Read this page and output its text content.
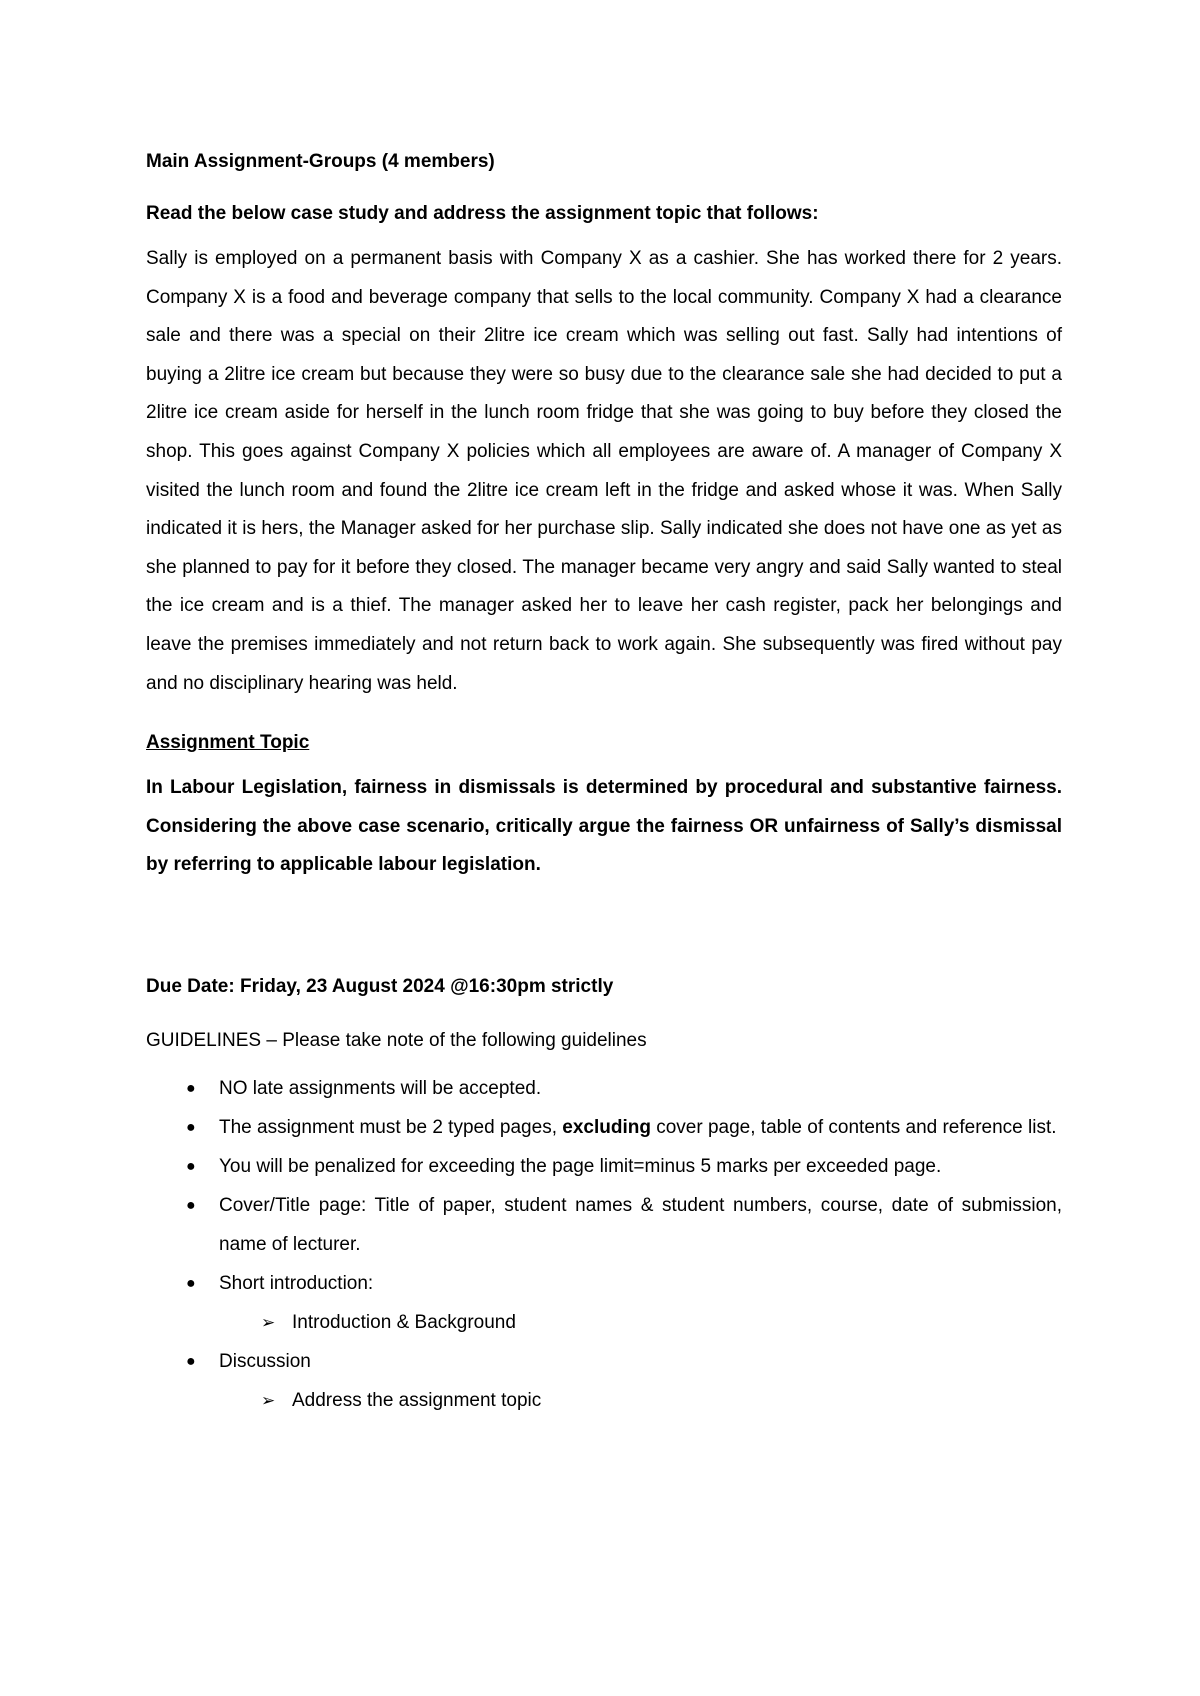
Main Assignment-Groups (4 members)

Read the below case study and address the assignment topic that follows:

Sally is employed on a permanent basis with Company X as a cashier. She has worked there for 2 years. Company X is a food and beverage company that sells to the local community. Company X had a clearance sale and there was a special on their 2litre ice cream which was selling out fast. Sally had intentions of buying a 2litre ice cream but because they were so busy due to the clearance sale she had decided to put a 2litre ice cream aside for herself in the lunch room fridge that she was going to buy before they closed the shop. This goes against Company X policies which all employees are aware of. A manager of Company X visited the lunch room and found the 2litre ice cream left in the fridge and asked whose it was. When Sally indicated it is hers, the Manager asked for her purchase slip. Sally indicated she does not have one as yet as she planned to pay for it before they closed. The manager became very angry and said Sally wanted to steal the ice cream and is a thief. The manager asked her to leave her cash register, pack her belongings and leave the premises immediately and not return back to work again. She subsequently was fired without pay and no disciplinary hearing was held.

Assignment Topic

In Labour Legislation, fairness in dismissals is determined by procedural and substantive fairness. Considering the above case scenario, critically argue the fairness OR unfairness of Sally’s dismissal by referring to applicable labour legislation.

Due Date: Friday, 23 August 2024 @16:30pm strictly

GUIDELINES – Please take note of the following guidelines

● NO late assignments will be accepted.
● The assignment must be 2 typed pages, excluding cover page, table of contents and reference list.
● You will be penalized for exceeding the page limit=minus 5 marks per exceeded page.
● Cover/Title page: Title of paper, student names & student numbers, course, date of submission, name of lecturer.
● Short introduction:
➢ Introduction & Background
● Discussion
➢ Address the assignment topic
